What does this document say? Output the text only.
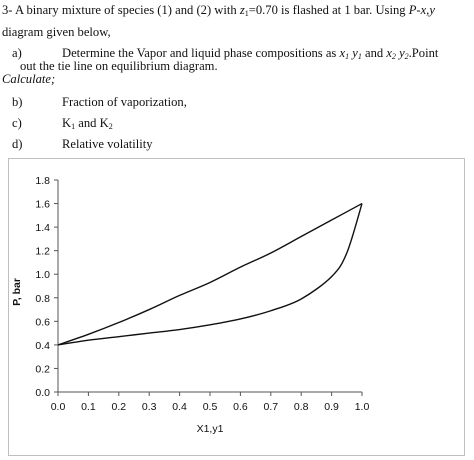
3- A binary mixture of species (1) and (2) with $z_1=0.70$ is flashed at 1 bar. Using P-x,y
diagram given below,
a)	Determine the Vapor and liquid phase compositions as $x_1$ $y_1$ and $x_2$ $y_2.Point$
out the tie line on equilibrium diagram.
Calculate;
b)	Fraction of vaporization,
c)	$K_1$ and $K_2$
d)	Relative volatility
0.0
0.2
0.4
0.6
0.8
1.0
1.2
1.4
1.6
1.8
0.0 0.1 0.2 0.3 0.4 0.5 0.6 0.7 0.8 0.9 1.0
X1,y1
P, bar
